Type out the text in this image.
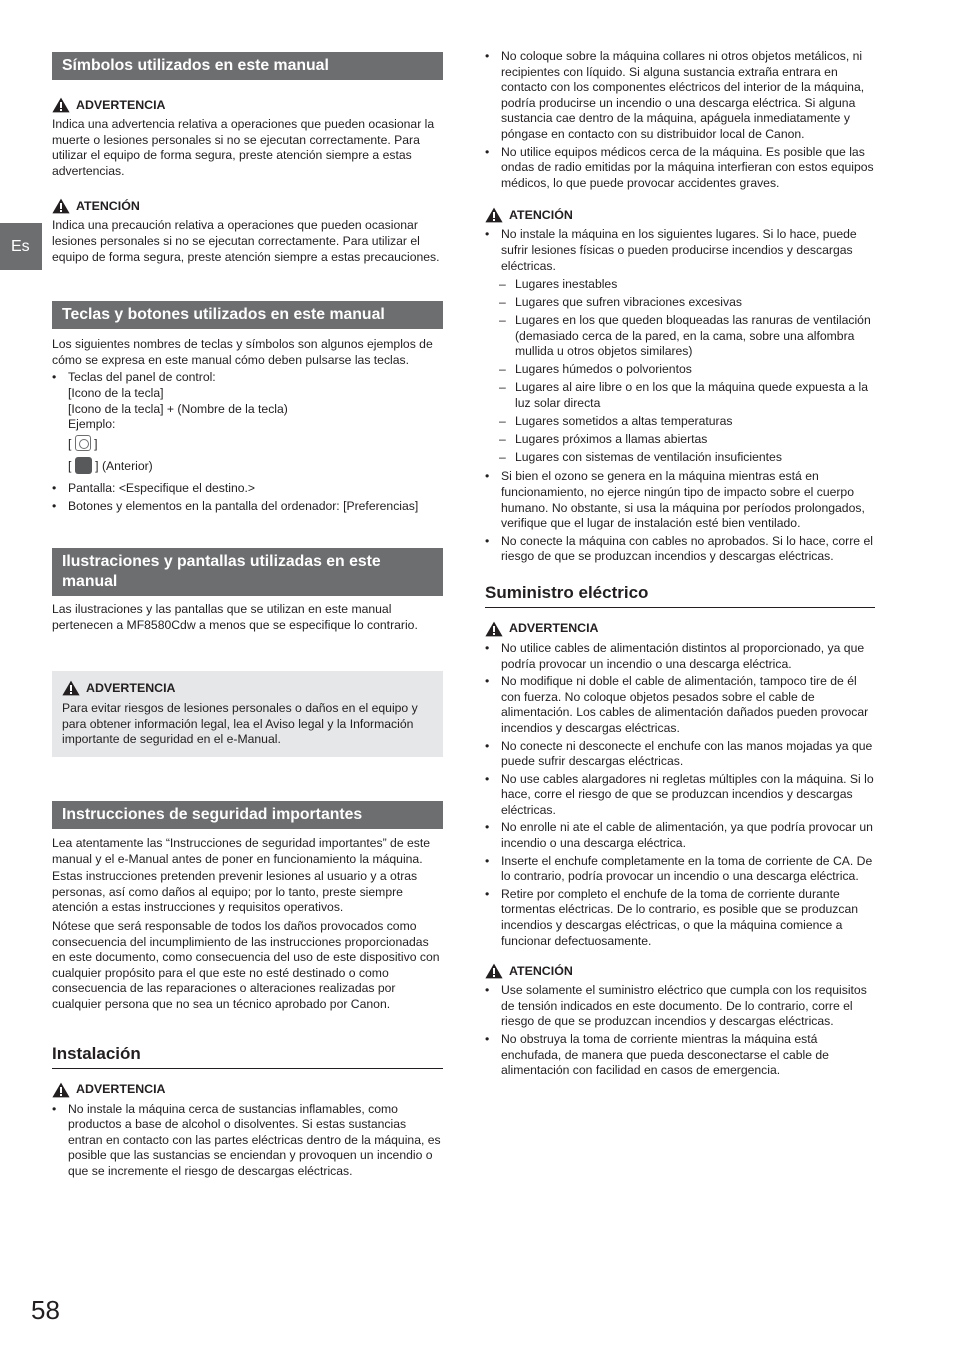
Es
Símbolos utilizados en este manual
ADVERTENCIA

Indica una advertencia relativa a operaciones que pueden ocasionar la muerte o lesiones personales si no se ejecutan correctamente. Para utilizar el equipo de forma segura, preste atención siempre a estas advertencias.

ATENCIÓN

Indica una precaución relativa a operaciones que pueden ocasionar lesiones personales si no se ejecutan correctamente. Para utilizar el equipo de forma segura, preste atención siempre a estas precauciones.

Teclas y botones utilizados en este manual

Los siguientes nombres de teclas y símbolos son algunos ejemplos de cómo se expresa en este manual cómo deben pulsarse las teclas.

• Teclas del panel de control:
[Icono de la tecla]
[Icono de la tecla] + (Nombre de la tecla)
Ejemplo:
[ ]
[ ] (Anterior)
• Pantalla: <Especifique el destino.>
• Botones y elementos en la pantalla del ordenador: [Preferencias]
Ilustraciones y pantallas utilizadas en este manual

Las ilustraciones y las pantallas que se utilizan en este manual pertenecen a MF8580Cdw a menos que se especifique lo contrario.

ADVERTENCIA

Para evitar riesgos de lesiones personales o daños en el equipo y para obtener información legal, lea el Aviso legal y la Información importante de seguridad en el e-Manual.

Instrucciones de seguridad importantes

Lea atentamente las “Instrucciones de seguridad importantes” de este manual y el e-Manual antes de poner en funcionamiento la máquina.

Estas instrucciones pretenden prevenir lesiones al usuario y a otras personas, así como daños al equipo; por lo tanto, preste siempre atención a estas instrucciones y requisitos operativos.

Nótese que será responsable de todos los daños provocados como consecuencia del incumplimiento de las instrucciones proporcionadas en este documento, como consecuencia del uso de este dispositivo con cualquier propósito para el que este no esté destinado o como consecuencia de las reparaciones o alteraciones realizadas por cualquier persona que no sea un técnico aprobado por Canon.

Instalación
ADVERTENCIA
• No instale la máquina cerca de sustancias inflamables, como productos a base de alcohol o disolventes. Si estas sustancias entran en contacto con las partes eléctricas dentro de la máquina, es posible que las sustancias se enciendan y provoquen un incendio o que se incremente el riesgo de descargas eléctricas.
• No coloque sobre la máquina collares ni otros objetos metálicos, ni recipientes con líquido. Si alguna sustancia extraña entrara en contacto con los componentes eléctricos del interior de la máquina, podría producirse un incendio o una descarga eléctrica. Si alguna sustancia cae dentro de la máquina, apáguela inmediatamente y póngase en contacto con su distribuidor local de Canon.
• No utilice equipos médicos cerca de la máquina. Es posible que las ondas de radio emitidas por la máquina interfieran con estos equipos médicos, lo que puede provocar accidentes graves.
ATENCIÓN
• No instale la máquina en los siguientes lugares. Si lo hace, puede sufrir lesiones físicas o pueden producirse incendios y descargas eléctricas.
– Lugares inestables
– Lugares que sufren vibraciones excesivas
– Lugares en los que queden bloqueadas las ranuras de ventilación (demasiado cerca de la pared, en la cama, sobre una alfombra mullida u otros objetos similares)
– Lugares húmedos o polvorientos
– Lugares al aire libre o en los que la máquina quede expuesta a la luz solar directa
– Lugares sometidos a altas temperaturas
– Lugares próximos a llamas abiertas
– Lugares con sistemas de ventilación insuficientes
• Si bien el ozono se genera en la máquina mientras está en funcionamiento, no ejerce ningún tipo de impacto sobre el cuerpo humano. No obstante, si usa la máquina por períodos prolongados, verifique que el lugar de instalación esté bien ventilado.
• No conecte la máquina con cables no aprobados. Si lo hace, corre el riesgo de que se produzcan incendios y descargas eléctricas.
Suministro eléctrico
ADVERTENCIA
• No utilice cables de alimentación distintos al proporcionado, ya que podría provocar un incendio o una descarga eléctrica.
• No modifique ni doble el cable de alimentación, tampoco tire de él con fuerza. No coloque objetos pesados sobre el cable de alimentación. Los cables de alimentación dañados pueden provocar incendios y descargas eléctricas.
• No conecte ni desconecte el enchufe con las manos mojadas ya que puede sufrir descargas eléctricas.
• No use cables alargadores ni regletas múltiples con la máquina. Si lo hace, corre el riesgo de que se produzcan incendios y descargas eléctricas.
• No enrolle ni ate el cable de alimentación, ya que podría provocar un incendio o una descarga eléctrica.
• Inserte el enchufe completamente en la toma de corriente de CA. De lo contrario, podría provocar un incendio o una descarga eléctrica.
• Retire por completo el enchufe de la toma de corriente durante tormentas eléctricas. De lo contrario, es posible que se produzcan incendios y descargas eléctricas, o que la máquina comience a funcionar defectuosamente.
ATENCIÓN
• Use solamente el suministro eléctrico que cumpla con los requisitos de tensión indicados en este documento. De lo contrario, corre el riesgo de que se produzcan incendios y descargas eléctricas.
• No obstruya la toma de corriente mientras la máquina está enchufada, de manera que pueda desconectarse el cable de alimentación con facilidad en casos de emergencia.
58
